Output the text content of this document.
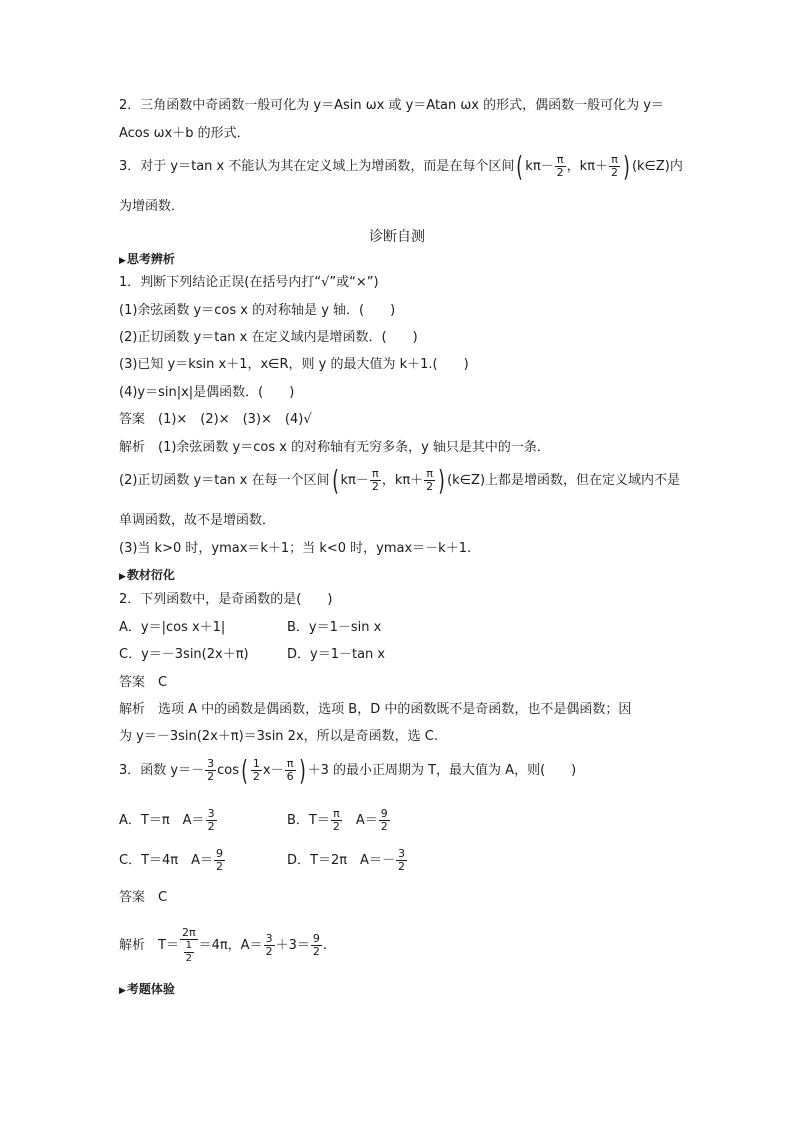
2．三角函数中奇函数一般可化为 y＝Asin ωx 或 y＝Atan ωx 的形式，偶函数一般可化为 y＝
Acos ωx＋b 的形式．
3．对于 y＝tan x 不能认为其在定义域上为增函数，而是在每个区间( $k\pi- \frac{\pi}{2}$ ，$k\pi+ \frac{\pi}{2}$ ) (k∈Z)内
为增函数．
诊断自测
▶思考辨析
1．判断下列结论正误(在括号内打“√”或“×”)
(1)余弦函数 y＝cos x 的对称轴是 y 轴．(　　)
(2)正切函数 y＝tan x 在定义域内是增函数．(　　)
(3)已知 y＝ksin x＋1，x∈R，则 y 的最大值为 k＋1.(　　)
(4)y＝sin|x|是偶函数．(　　)
答案　(1)×　(2)×　(3)×　(4)√
解析　(1)余弦函数 y＝cos x 的对称轴有无穷多条，y 轴只是其中的一条．
(2)正切函数 y＝tan x 在每一个区间( $k\pi- \frac{\pi}{2}$ ，$k\pi+ \frac{\pi}{2}$ ) (k∈Z)上都是增函数，但在定义域内不是
单调函数，故不是增函数．
(3)当 k>0 时，ymax＝k＋1；当 k<0 时，ymax＝－k＋1.
▶教材衍化
2．下列函数中，是奇函数的是(　　)
A．y＝|cos x＋1|	B．y＝1－sin x
C．y＝－3sin(2x＋π)	D．y＝1－tan x
答案　C
解析　选项 A 中的函数是偶函数，选项 B，D 中的函数既不是奇函数，也不是偶函数；因
为 y＝－3sin(2x＋π)＝3sin 2x，所以是奇函数，选 C.
3．函数 $y=- \frac{3}{2} \cos( \frac{1}{2} x- \frac{\pi}{6}$ ) ＋3 的最小正周期为 T，最大值为 A，则(　　)
A．T＝π　$A= \frac{3}{2}$	B．$T= \frac{\pi}{2}$ 　$A= \frac{9}{2}$
C．T＝4π　$A= \frac{9}{2}$	D．T＝2π　$A=- \frac{3}{2}$
答案　C
解析　$T= \frac{2\pi}{\frac{1}{2}} =4\pi$，$A= \frac{3}{2} +3= \frac{9}{2}$ .
▶考题体验
